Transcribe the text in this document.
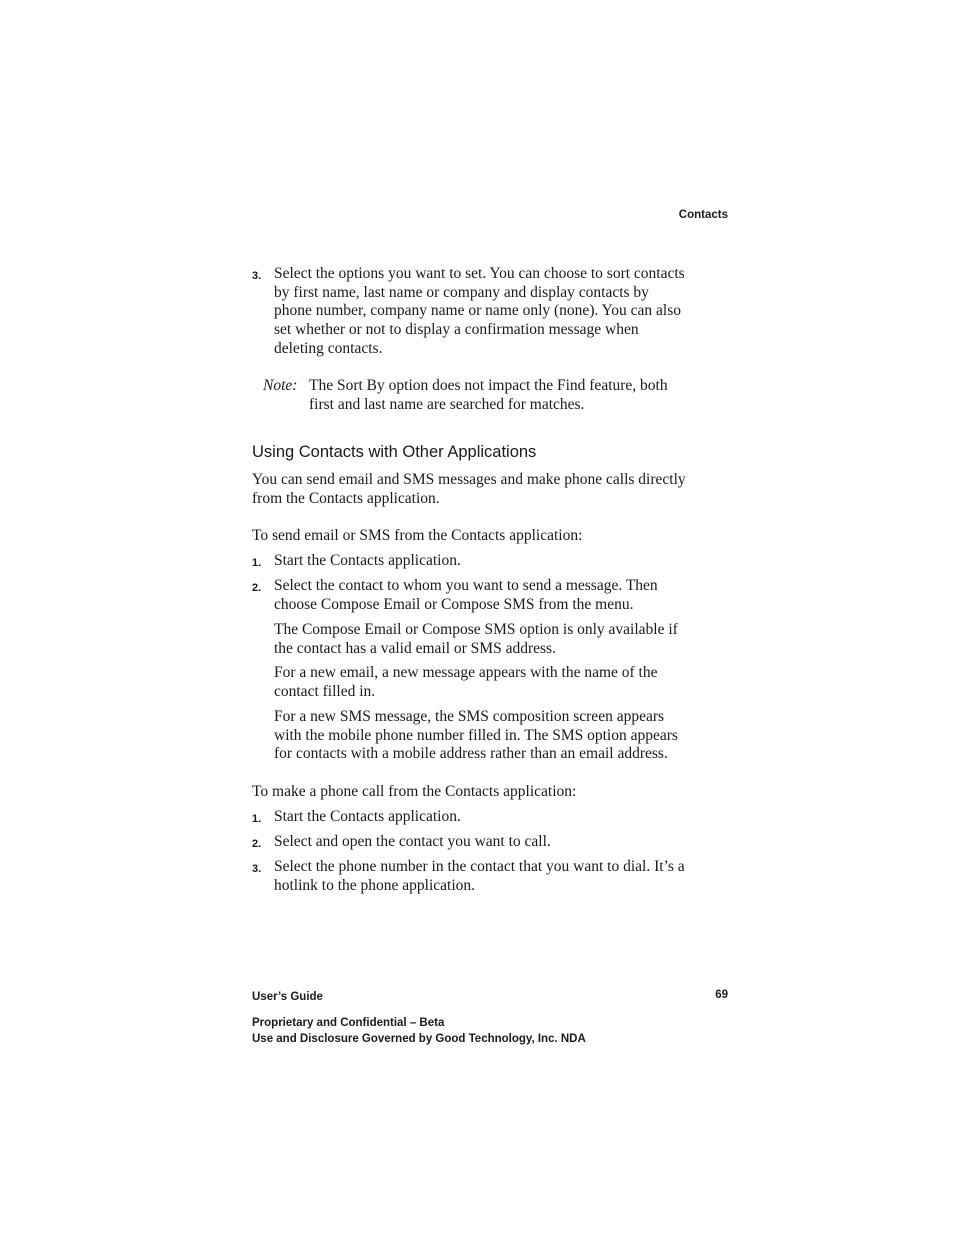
Contacts
3. Select the options you want to set. You can choose to sort contacts
by first name, last name or company and display contacts by
phone number, company name or name only (none). You can also
set whether or not to display a confirmation message when
deleting contacts.
Note: The Sort By option does not impact the Find feature, both
first and last name are searched for matches.
Using Contacts with Other Applications
You can send email and SMS messages and make phone calls directly
from the Contacts application.
To send email or SMS from the Contacts application:
1. Start the Contacts application.
2. Select the contact to whom you want to send a message. Then
choose Compose Email or Compose SMS from the menu.
The Compose Email or Compose SMS option is only available if
the contact has a valid email or SMS address.
For a new email, a new message appears with the name of the
contact filled in.
For a new SMS message, the SMS composition screen appears
with the mobile phone number filled in. The SMS option appears
for contacts with a mobile address rather than an email address.
To make a phone call from the Contacts application:
1. Start the Contacts application.
2. Select and open the contact you want to call.
3. Select the phone number in the contact that you want to dial. It’s a
hotlink to the phone application.
User’s Guide	69
Proprietary and Confidential – Beta
Use and Disclosure Governed by Good Technology, Inc. NDA
